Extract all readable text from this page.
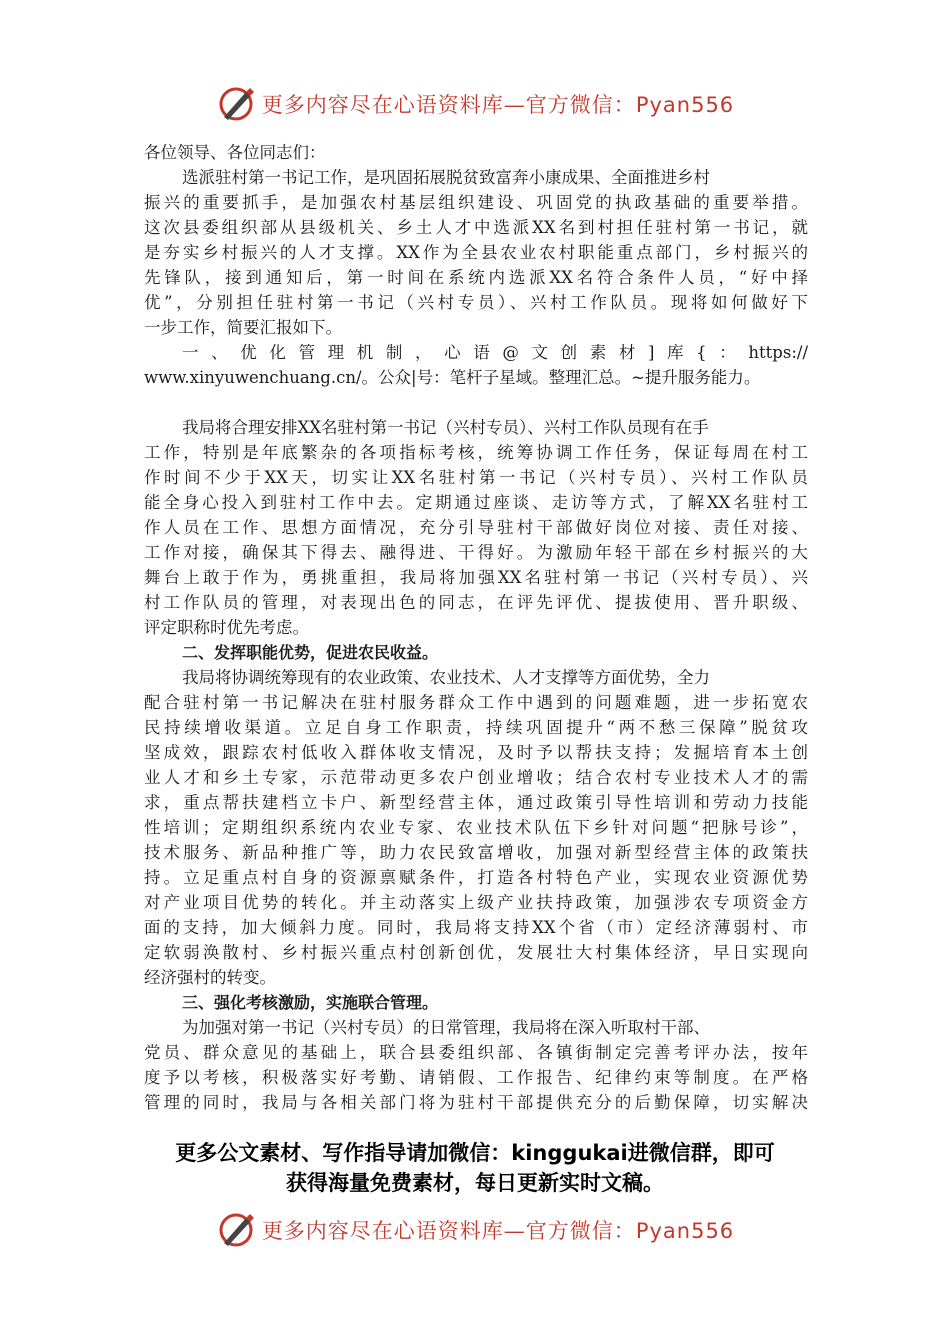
更多内容尽在心语资料库—官方微信：Pyan556
各位领导、各位同志们：
选派驻村第一书记工作，是巩固拓展脱贫致富奔小康成果、全面推进乡村
振兴的重要抓手，是加强农村基层组织建设、巩固党的执政基础的重要举措。
这次县委组织部从县级机关、乡土人才中选派XX名到村担任驻村第一书记，就
是夯实乡村振兴的人才支撑。XX作为全县农业农村职能重点部门，乡村振兴的
先锋队，接到通知后，第一时间在系统内选派XX名符合条件人员，“好中择
优”，分别担任驻村第一书记（兴村专员）、兴村工作队员。现将如何做好下
一步工作，简要汇报如下。
一、优化管理机制，心语@文创素材]库{：https://
www.xinyuwenchuang.cn/。公众|号：笔杆子星域。整理汇总。~提升服务能力。
我局将合理安排XX名驻村第一书记（兴村专员）、兴村工作队员现有在手
工作，特别是年底繁杂的各项指标考核，统筹协调工作任务，保证每周在村工
作时间不少于XX天，切实让XX名驻村第一书记（兴村专员）、兴村工作队员
能全身心投入到驻村工作中去。定期通过座谈、走访等方式，了解XX名驻村工
作人员在工作、思想方面情况，充分引导驻村干部做好岗位对接、责任对接、
工作对接，确保其下得去、融得进、干得好。为激励年轻干部在乡村振兴的大
舞台上敢于作为，勇挑重担，我局将加强XX名驻村第一书记（兴村专员）、兴
村工作队员的管理，对表现出色的同志，在评先评优、提拔使用、晋升职级、
评定职称时优先考虑。
二、发挥职能优势，促进农民收益。
我局将协调统筹现有的农业政策、农业技术、人才支撑等方面优势，全力
配合驻村第一书记解决在驻村服务群众工作中遇到的问题难题，进一步拓宽农
民持续增收渠道。立足自身工作职责，持续巩固提升“两不愁三保障”脱贫攻
坚成效，跟踪农村低收入群体收支情况，及时予以帮扶支持；发掘培育本土创
业人才和乡土专家，示范带动更多农户创业增收；结合农村专业技术人才的需
求，重点帮扶建档立卡户、新型经营主体，通过政策引导性培训和劳动力技能
性培训；定期组织系统内农业专家、农业技术队伍下乡针对问题“把脉号诊”，
技术服务、新品种推广等，助力农民致富增收，加强对新型经营主体的政策扶
持。立足重点村自身的资源禀赋条件，打造各村特色产业，实现农业资源优势
对产业项目优势的转化。并主动落实上级产业扶持政策，加强涉农专项资金方
面的支持，加大倾斜力度。同时，我局将支持XX个省（市）定经济薄弱村、市
定软弱涣散村、乡村振兴重点村创新创优，发展壮大村集体经济，早日实现向
经济强村的转变。
三、强化考核激励，实施联合管理。
为加强对第一书记（兴村专员）的日常管理，我局将在深入听取村干部、
党员、群众意见的基础上，联合县委组织部、各镇街制定完善考评办法，按年
度予以考核，积极落实好考勤、请销假、工作报告、纪律约束等制度。在严格
管理的同时，我局与各相关部门将为驻村干部提供充分的后勤保障，切实解决
更多公文素材、写作指导请加微信：kinggukai进微信群，即可
获得海量免费素材，每日更新实时文稿。
更多内容尽在心语资料库—官方微信：Pyan556
